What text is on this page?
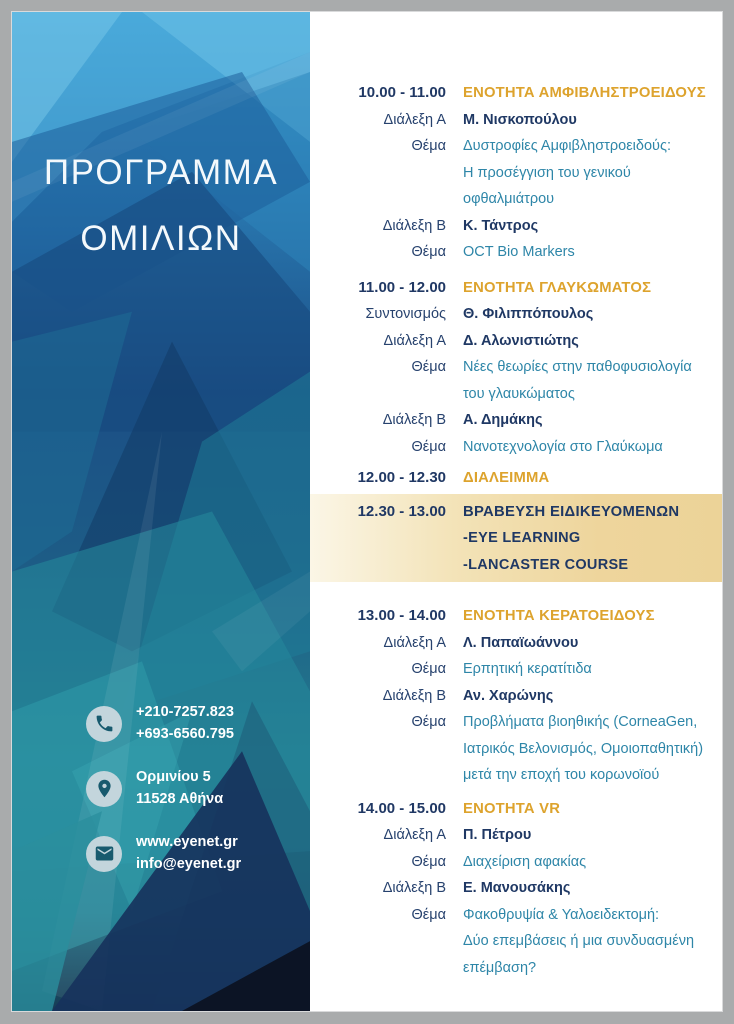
ΠΡΟΓΡΑΜΜΑ
ΟΜΙΛΙΩΝ
+210-7257.823
+693-6560.795
Ορμινίου 5
11528 Αθήνα
www.eyenet.gr
info@eyenet.gr
10.00 - 11.00	ΕΝΟΤΗΤΑ ΑΜΦΙΒΛΗΣΤΡΟΕΙΔΟΥΣ
Διάλεξη Α	Μ. Νισκοπούλου
Θέμα	Δυστροφίες Αμφιβληστροειδούς:
Η προσέγγιση του γενικού
οφθαλμιάτρου
Διάλεξη Β	Κ. Τάντρος
Θέμα	OCT Bio Markers
11.00 - 12.00	ΕΝΟΤΗΤΑ ΓΛΑΥΚΩΜΑΤΟΣ
Συντονισμός	Θ. Φιλιππόπουλος
Διάλεξη Α	Δ. Αλωνιστιώτης
Θέμα	Νέες θεωρίες στην παθοφυσιολογία
του γλαυκώματος
Διάλεξη Β	Α. Δημάκης
Θέμα	Νανοτεχνολογία στο Γλαύκωμα
12.00 - 12.30	ΔΙΑΛΕΙΜΜΑ
12.30 - 13.00	ΒΡΑΒΕΥΣΗ ΕΙΔΙΚΕΥΟΜΕΝΩΝ
-EYE LEARNING
-LANCASTER COURSE
13.00 - 14.00	ΕΝΟΤΗΤΑ ΚΕΡΑΤΟΕΙΔΟΥΣ
Διάλεξη Α	Λ. Παπαϊωάννου
Θέμα	Ερπητική κερατίτιδα
Διάλεξη Β	Αν. Χαρώνης
Θέμα	Προβλήματα βιοηθικής (CorneaGen,
Ιατρικός Βελονισμός, Ομοιοπαθητική)
μετά την εποχή του κορωνοϊού
14.00 - 15.00	ΕΝΟΤΗΤΑ VR
Διάλεξη Α	Π. Πέτρου
Θέμα	Διαχείριση αφακίας
Διάλεξη Β	Ε. Μανουσάκης
Θέμα	Φακοθρυψία & Υαλοειδεκτομή:
Δύο επεμβάσεις ή μια συνδυασμένη
επέμβαση?
